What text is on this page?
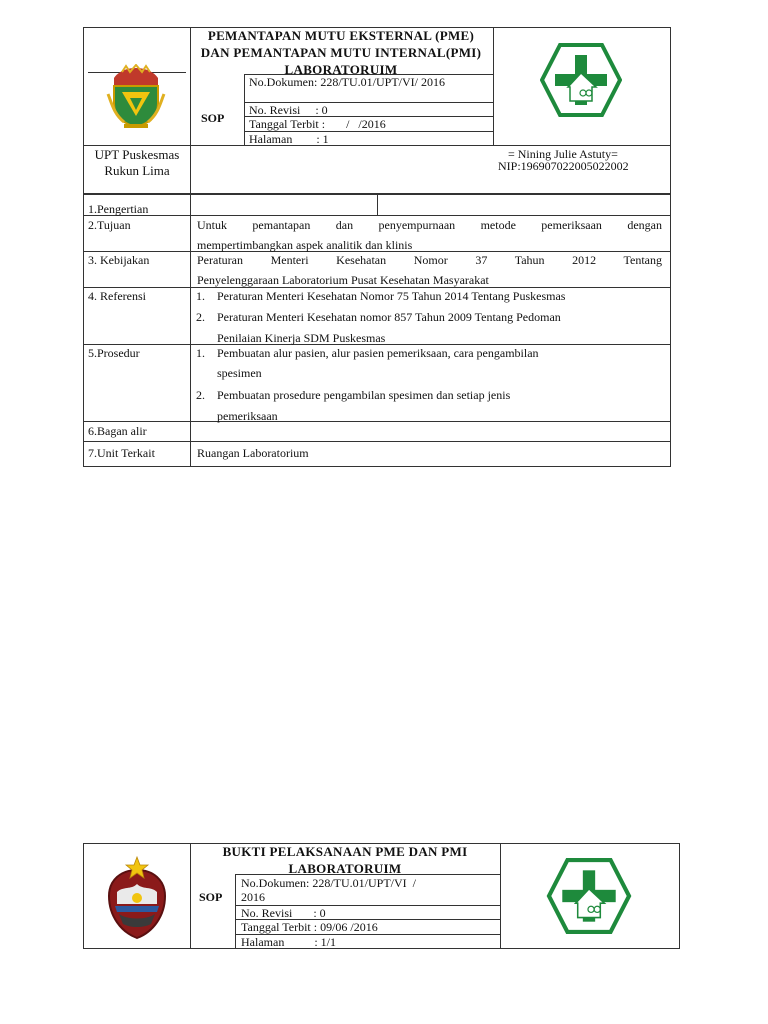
PEMANTAPAN MUTU EKSTERNAL (PME) DAN PEMANTAPAN MUTU INTERNAL(PMI) LABORATORUIM
SOP
No.Dokumen: 228/TU.01/UPT/VI/ 2016
No. Revisi     : 0
Tanggal Terbit :       /   /2016
Halaman        : 1
UPT Puskesmas Rukun Lima
= Nining Julie Astuty=
NIP:196907022005022002
1.Pengertian
2.Tujuan	Untuk pemantapan dan penyempurnaan metode pemeriksaan dengan
mempertimbangkan aspek analitik dan klinis
3. Kebijakan	Peraturan Menteri Kesehatan Nomor 37 Tahun 2012 Tentang
Penyelenggaraan Laboratorium Pusat Kesehatan Masyarakat
4. Referensi	1. Peraturan Menteri Kesehatan Nomor 75 Tahun 2014 Tentang Puskesmas
2. Peraturan Menteri Kesehatan nomor 857 Tahun 2009 Tentang Pedoman
Penilaian Kinerja SDM Puskesmas
5.Prosedur	1. Pembuatan alur pasien, alur pasien pemeriksaan, cara pengambilan
spesimen
2. Pembuatan prosedure pengambilan spesimen dan setiap jenis
pemeriksaan
6.Bagan alir
7.Unit Terkait	Ruangan Laboratorium
BUKTI PELAKSANAAN PME DAN PMI LABORATORUIM
SOP
No.Dokumen: 228/TU.01/UPT/VI  /
2016
No. Revisi       : 0
Tanggal Terbit : 09/06 /2016
Halaman          : 1/1
